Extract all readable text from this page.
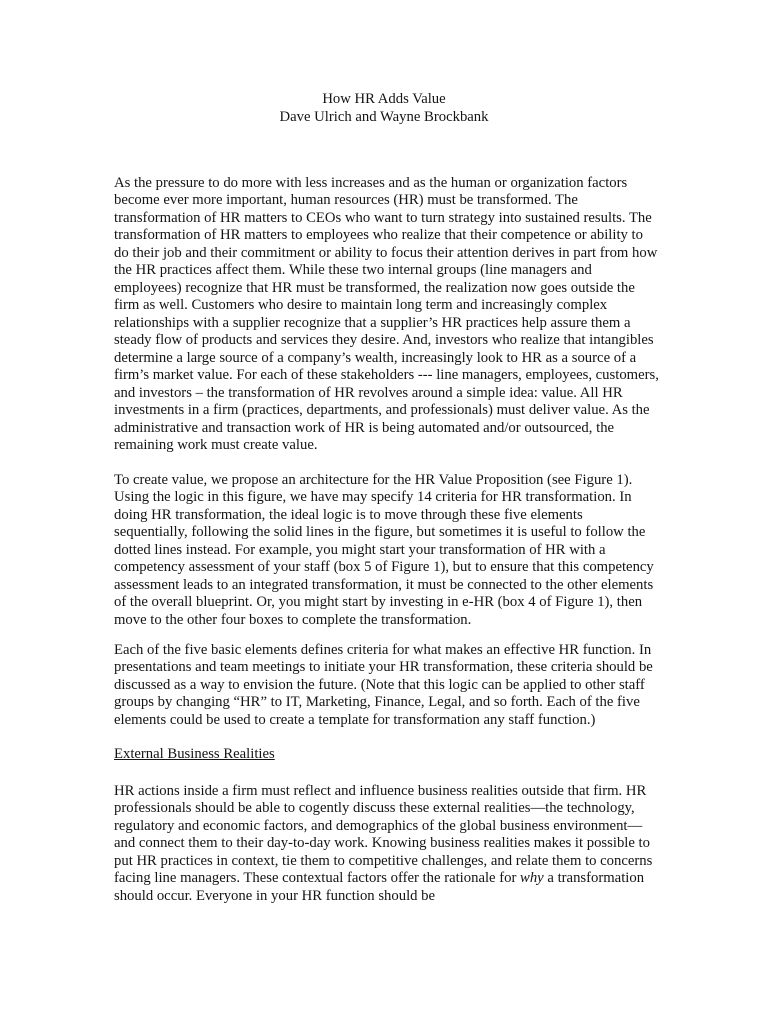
How HR Adds Value
Dave Ulrich and Wayne Brockbank

As the pressure to do more with less increases and as the human or organization factors become ever more important, human resources (HR) must be transformed. The transformation of HR matters to CEOs who want to turn strategy into sustained results. The transformation of HR matters to employees who realize that their competence or ability to do their job and their commitment or ability to focus their attention derives in part from how the HR practices affect them. While these two internal groups (line managers and employees) recognize that HR must be transformed, the realization now goes outside the firm as well. Customers who desire to maintain long term and increasingly complex relationships with a supplier recognize that a supplier’s HR practices help assure them a steady flow of products and services they desire. And, investors who realize that intangibles determine a large source of a company’s wealth, increasingly look to HR as a source of a firm’s market value. For each of these stakeholders --- line managers, employees, customers, and investors – the transformation of HR revolves around a simple idea: value. All HR investments in a firm (practices, departments, and professionals) must deliver value. As the administrative and transaction work of HR is being automated and/or outsourced, the remaining work must create value.

To create value, we propose an architecture for the HR Value Proposition (see Figure 1). Using the logic in this figure, we have may specify 14 criteria for HR transformation. In doing HR transformation, the ideal logic is to move through these five elements sequentially, following the solid lines in the figure, but sometimes it is useful to follow the dotted lines instead. For example, you might start your transformation of HR with a competency assessment of your staff (box 5 of Figure 1), but to ensure that this competency assessment leads to an integrated transformation, it must be connected to the other elements of the overall blueprint. Or, you might start by investing in e-HR (box 4 of Figure 1), then move to the other four boxes to complete the transformation.

Each of the five basic elements defines criteria for what makes an effective HR function. In presentations and team meetings to initiate your HR transformation, these criteria should be discussed as a way to envision the future. (Note that this logic can be applied to other staff groups by changing “HR” to IT, Marketing, Finance, Legal, and so forth. Each of the five elements could be used to create a template for transformation any staff function.)

External Business Realities

HR actions inside a firm must reflect and influence business realities outside that firm. HR professionals should be able to cogently discuss these external realities—the technology, regulatory and economic factors, and demographics of the global business environment—and connect them to their day-to-day work. Knowing business realities makes it possible to put HR practices in context, tie them to competitive challenges, and relate them to concerns facing line managers. These contextual factors offer the rationale for why a transformation should occur. Everyone in your HR function should be
